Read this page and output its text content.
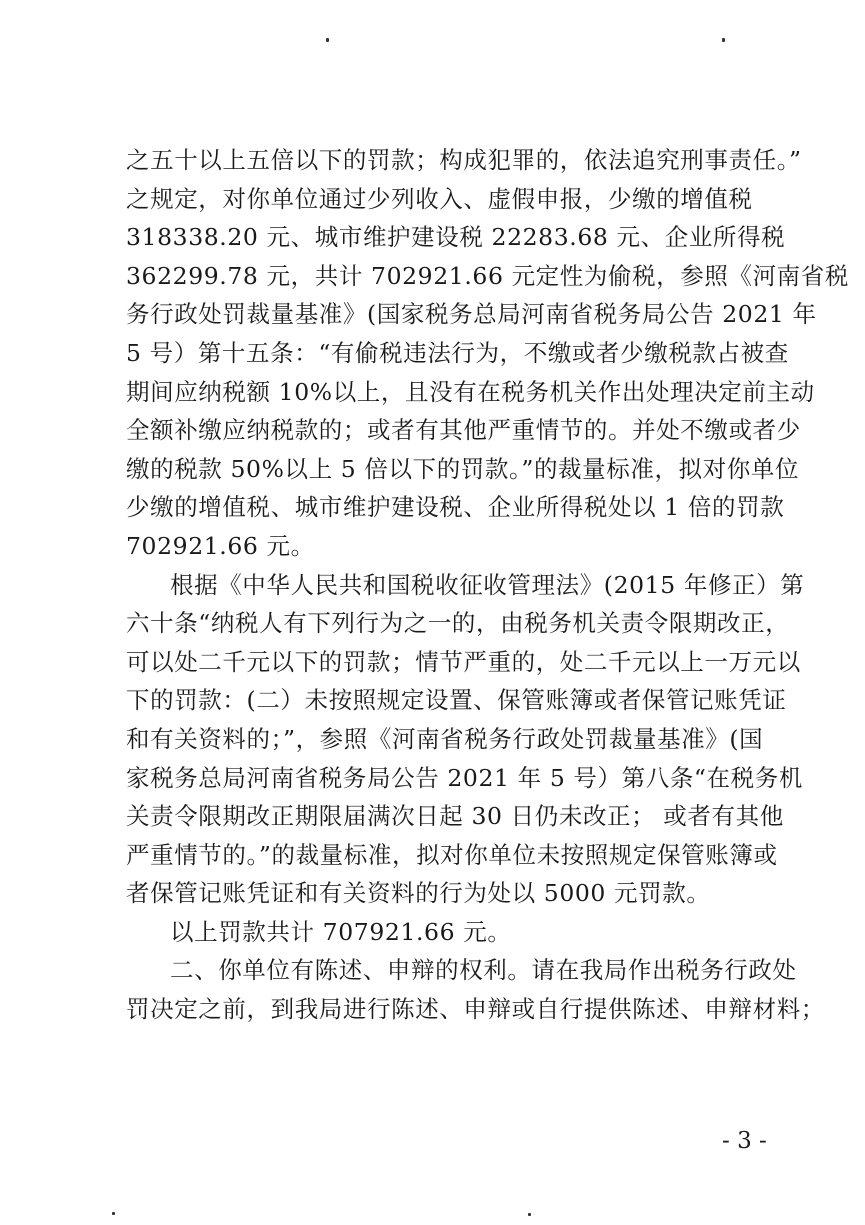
之五十以上五倍以下的罚款；构成犯罪的，依法追究刑事责任。”
之规定，对你单位通过少列收入、虚假申报，少缴的增值税
318338.20 元、城市维护建设税 22283.68 元、企业所得税
362299.78 元，共计 702921.66 元定性为偷税，参照《河南省税
务行政处罚裁量基准》(国家税务总局河南省税务局公告 2021 年
5 号）第十五条：“有偷税违法行为，不缴或者少缴税款占被查
期间应纳税额 10%以上，且没有在税务机关作出处理决定前主动
全额补缴应纳税款的；或者有其他严重情节的。并处不缴或者少
缴的税款 50%以上 5 倍以下的罚款。”的裁量标准，拟对你单位
少缴的增值税、城市维护建设税、企业所得税处以 1 倍的罚款
702921.66 元。
根据《中华人民共和国税收征收管理法》(2015 年修正）第
六十条“纳税人有下列行为之一的，由税务机关责令限期改正，
可以处二千元以下的罚款；情节严重的，处二千元以上一万元以
下的罚款：(二）未按照规定设置、保管账簿或者保管记账凭证
和有关资料的；”，参照《河南省税务行政处罚裁量基准》(国
家税务总局河南省税务局公告 2021 年 5 号）第八条“在税务机
关责令限期改正期限届满次日起 30 日仍未改正； 或者有其他
严重情节的。”的裁量标准，拟对你单位未按照规定保管账簿或
者保管记账凭证和有关资料的行为处以 5000 元罚款。
以上罚款共计 707921.66 元。
二、你单位有陈述、申辩的权利。请在我局作出税务行政处
罚决定之前，到我局进行陈述、申辩或自行提供陈述、申辩材料；
- 3 -
